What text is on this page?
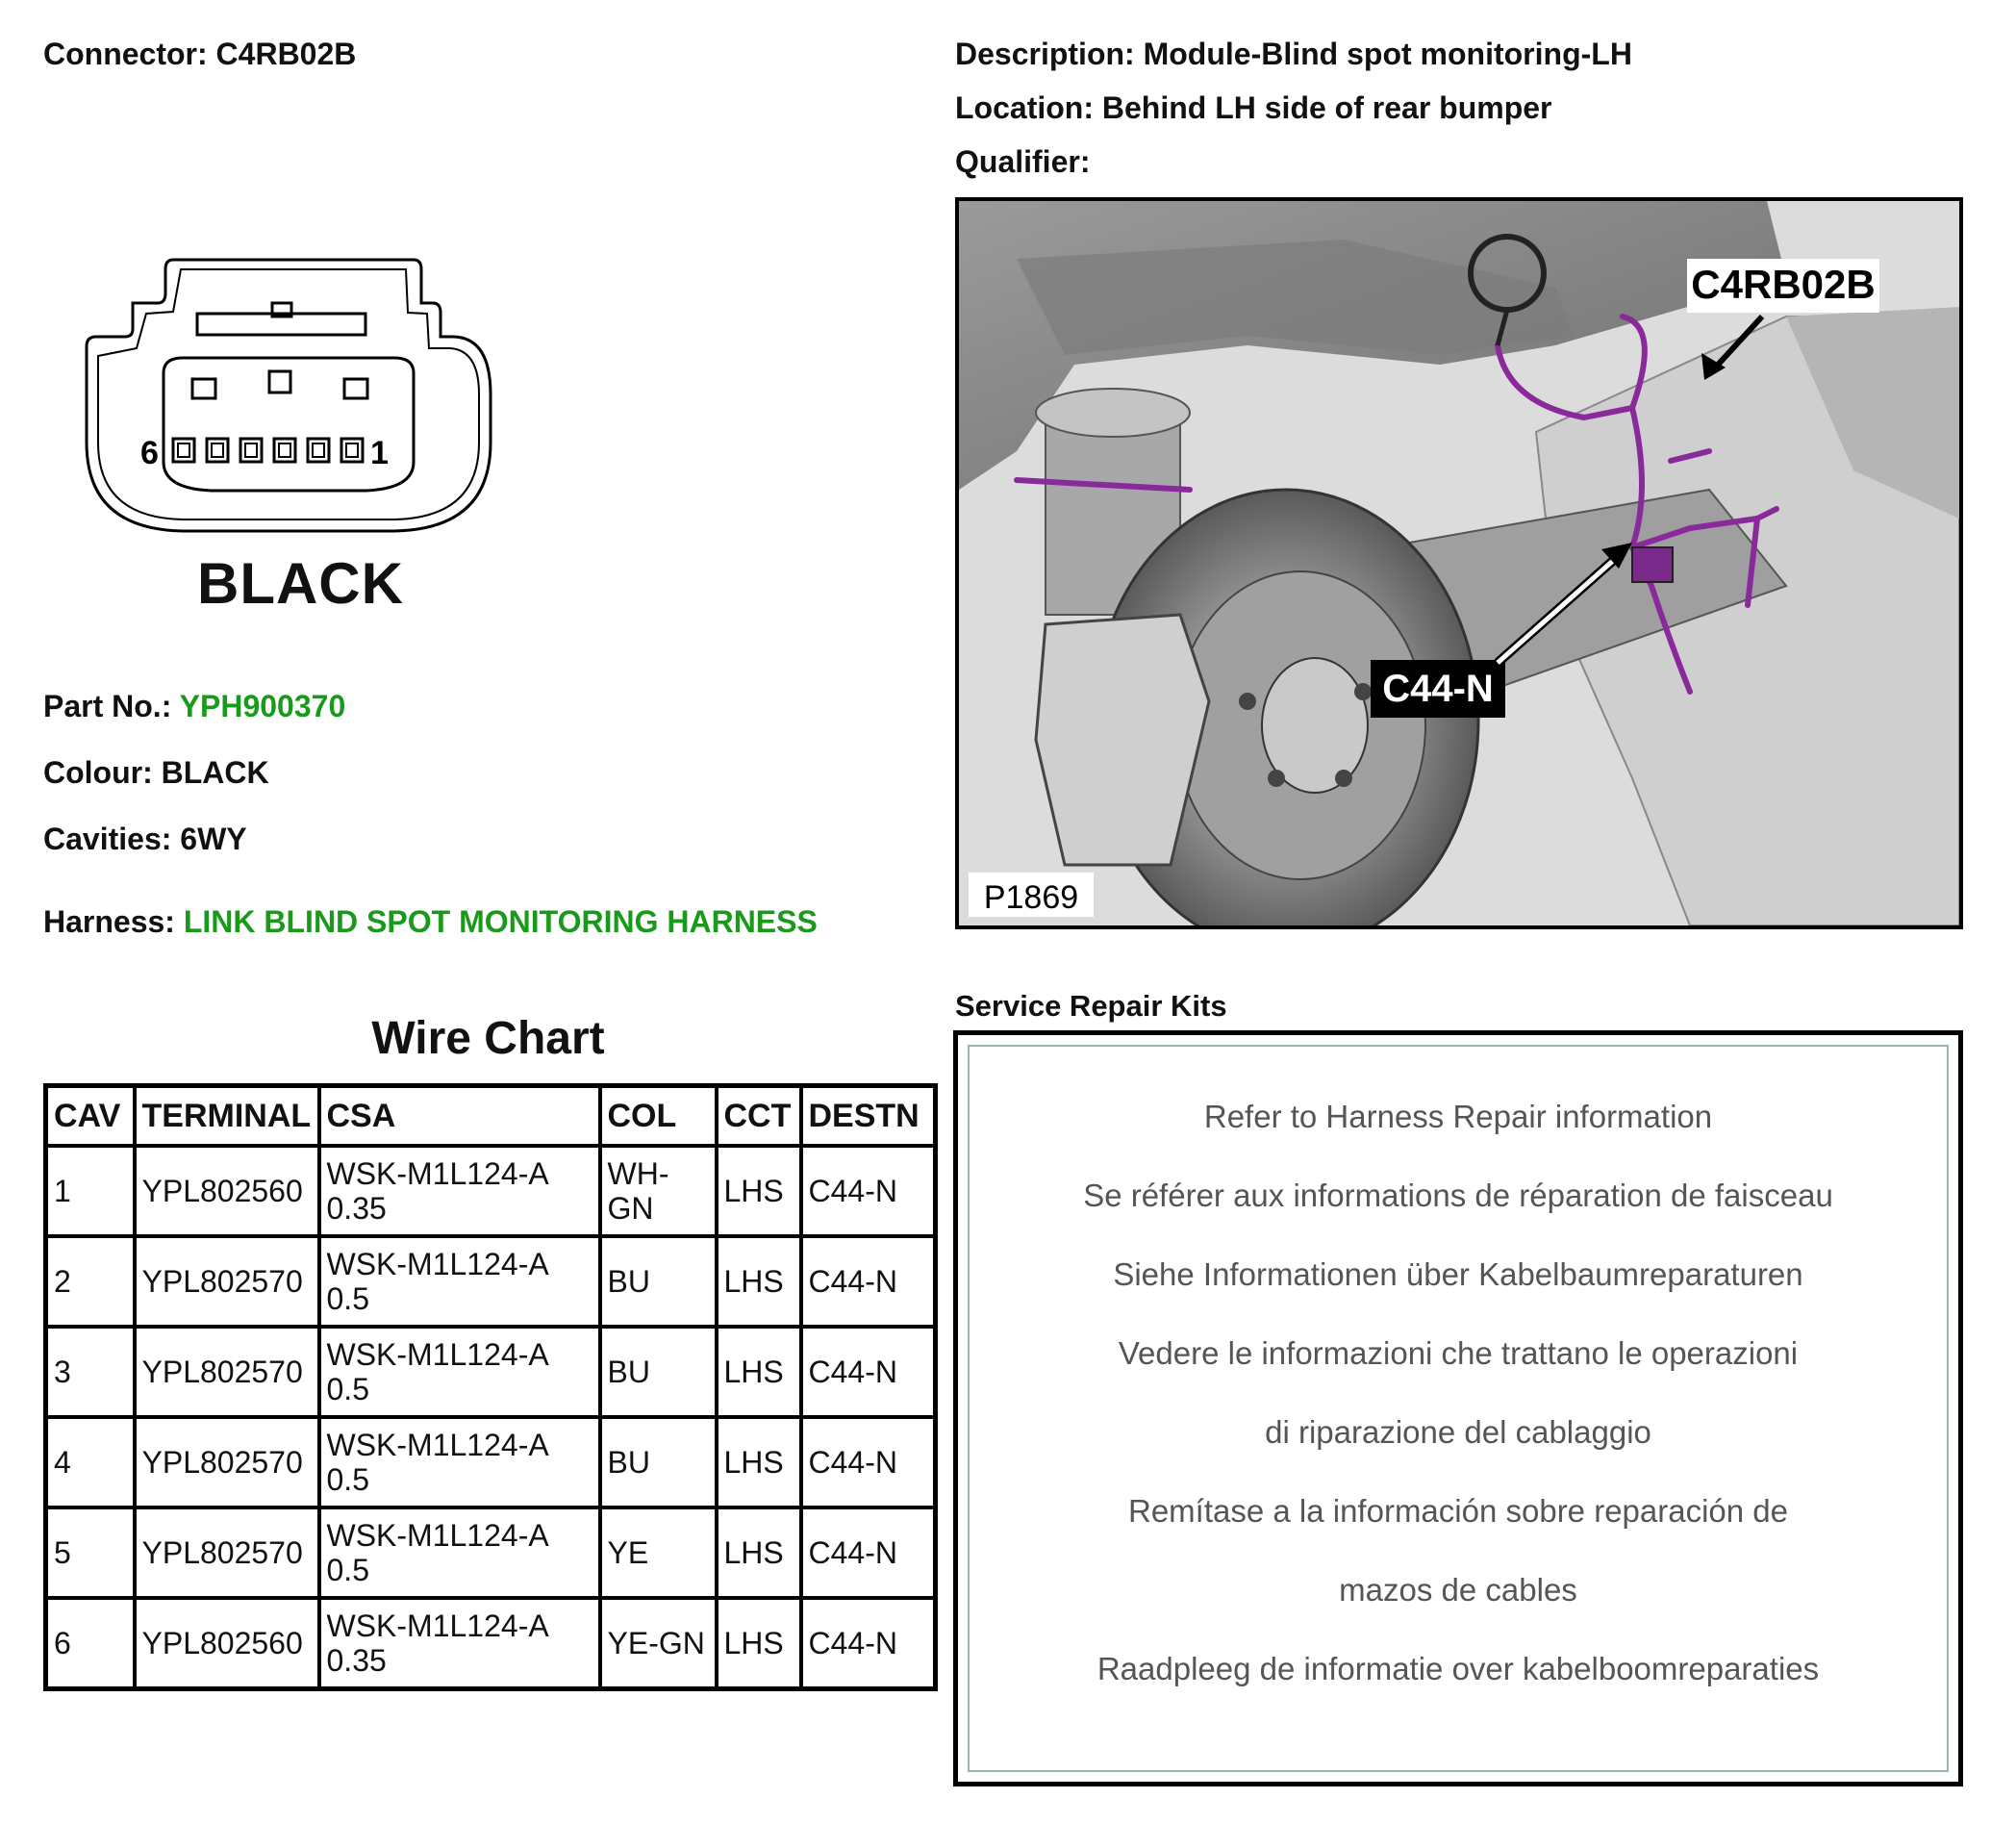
Connector: C4RB02B	Description: Module-Blind spot monitoring-LH
Location: Behind LH side of rear bumper
Qualifier:
6	1
BLACK
Part No.: YPH900370
Colour: BLACK
Cavities: 6WY
Harness: LINK BLIND SPOT MONITORING HARNESS
C4RB02B
C44-N
P1869
Wire Chart
CAV	TERMINAL	CSA	COL	CCT	DESTN
1	YPL802560	WSK-M1L124-A 0.35	WH-GN	LHS	C44-N
2	YPL802570	WSK-M1L124-A 0.5	BU	LHS	C44-N
3	YPL802570	WSK-M1L124-A 0.5	BU	LHS	C44-N
4	YPL802570	WSK-M1L124-A 0.5	BU	LHS	C44-N
5	YPL802570	WSK-M1L124-A 0.5	YE	LHS	C44-N
6	YPL802560	WSK-M1L124-A 0.35	YE-GN	LHS	C44-N
Service Repair Kits
Refer to Harness Repair information
Se référer aux informations de réparation de faisceau
Siehe Informationen über Kabelbaumreparaturen
Vedere le informazioni che trattano le operazioni
di riparazione del cablaggio
Remítase a la información sobre reparación de
mazos de cables
Raadpleeg de informatie over kabelboomreparaties
